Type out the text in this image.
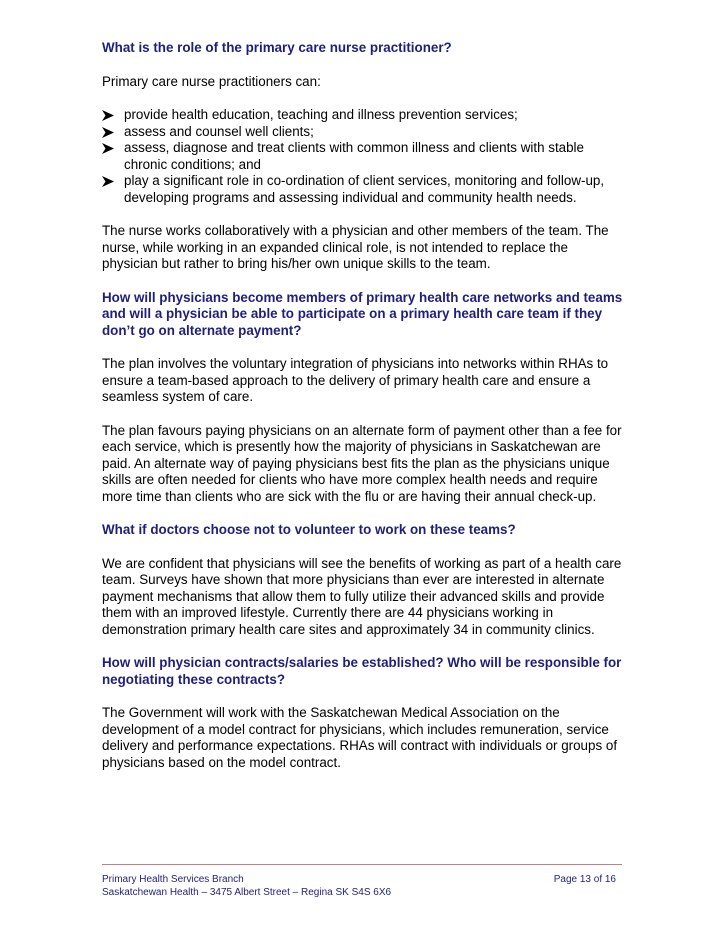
What is the role of the primary care nurse practitioner?
Primary care nurse practitioners can:
provide health education, teaching and illness prevention services;
assess and counsel well clients;
assess, diagnose and treat clients with common illness and clients with stable chronic conditions; and
play a significant role in co-ordination of client services, monitoring and follow-up, developing programs and assessing individual and community health needs.
The nurse works collaboratively with a physician and other members of the team. The nurse, while working in an expanded clinical role, is not intended to replace the physician but rather to bring his/her own unique skills to the team.
How will physicians become members of primary health care networks and teams and will a physician be able to participate on a primary health care team if they don’t go on alternate payment?
The plan involves the voluntary integration of physicians into networks within RHAs to ensure a team-based approach to the delivery of primary health care and ensure a seamless system of care.
The plan favours paying physicians on an alternate form of payment other than a fee for each service, which is presently how the majority of physicians in Saskatchewan are paid. An alternate way of paying physicians best fits the plan as the physicians unique skills are often needed for clients who have more complex health needs and require more time than clients who are sick with the flu or are having their annual check-up.
What if doctors choose not to volunteer to work on these teams?
We are confident that physicians will see the benefits of working as part of a health care team. Surveys have shown that more physicians than ever are interested in alternate payment mechanisms that allow them to fully utilize their advanced skills and provide them with an improved lifestyle. Currently there are 44 physicians working in demonstration primary health care sites and approximately 34 in community clinics.
How will physician contracts/salaries be established? Who will be responsible for negotiating these contracts?
The Government will work with the Saskatchewan Medical Association on the development of a model contract for physicians, which includes remuneration, service delivery and performance expectations. RHAs will contract with individuals or groups of physicians based on the model contract.
Primary Health Services Branch
Saskatchewan Health – 3475 Albert Street – Regina SK S4S 6X6
Page 13 of 16
